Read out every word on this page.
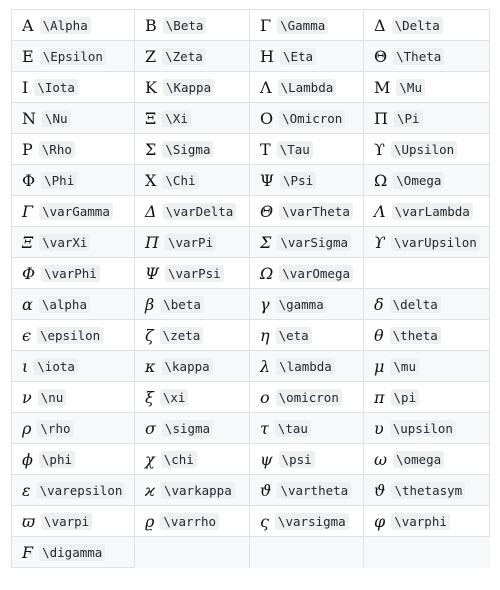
Α \Alpha	Β \Beta	Γ \Gamma	Δ \Delta
Ε \Epsilon	Ζ \Zeta	Η \Eta	Θ \Theta
Ι \Iota	Κ \Kappa	Λ \Lambda	Μ \Mu
Ν \Nu	Ξ \Xi	Ο \Omicron	Π \Pi
Ρ \Rho	Σ \Sigma	Τ \Tau	ϒ \Upsilon
Φ \Phi	Χ \Chi	Ψ \Psi	Ω \Omega
Γ \varGamma	Δ \varDelta	Θ \varTheta	Λ \varLambda
Ξ \varXi	Π \varPi	Σ \varSigma	ϒ \varUpsilon
Φ \varPhi	Ψ \varPsi	Ω \varOmega	
α \alpha	β \beta	γ \gamma	δ \delta
ϵ \epsilon	ζ \zeta	η \eta	θ \theta
ι \iota	κ \kappa	λ \lambda	μ \mu
ν \nu	ξ \xi	ο \omicron	π \pi
ρ \rho	σ \sigma	τ \tau	υ \upsilon
ϕ \phi	χ \chi	ψ \psi	ω \omega
ε \varepsilon	ϰ \varkappa	ϑ \vartheta	ϑ \thetasym
ϖ \varpi	ϱ \varrho	ς \varsigma	φ \varphi
Ϝ \digamma			
